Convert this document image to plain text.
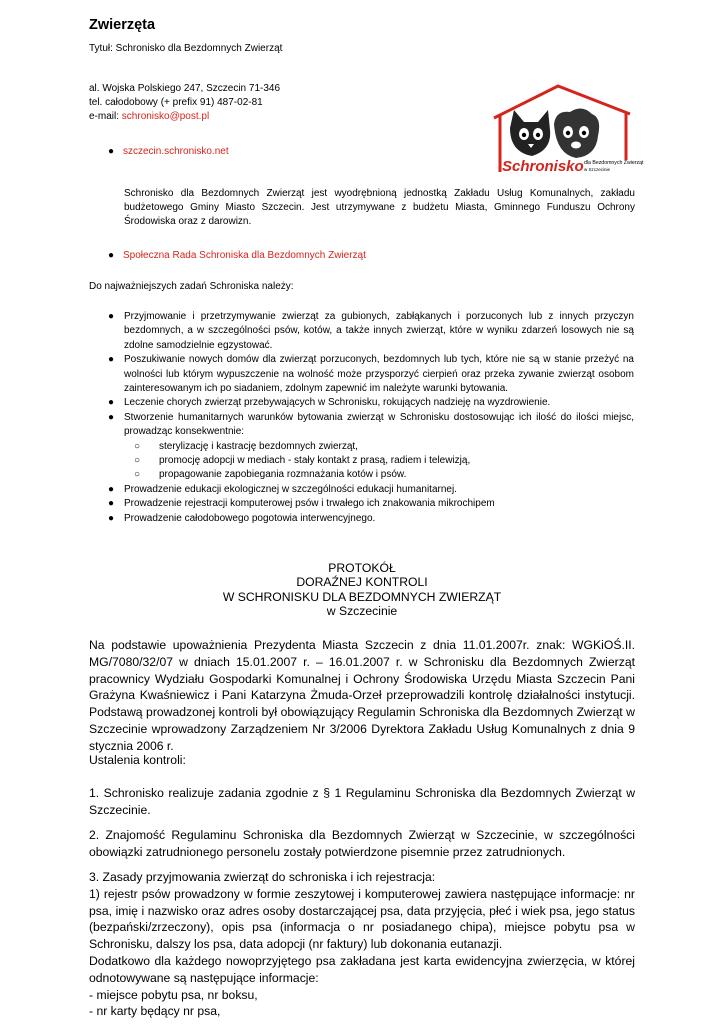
Zwierzęta
Tytuł: Schronisko dla Bezdomnych Zwierząt
al. Wojska Polskiego 247, Szczecin 71-346
tel. całodobowy (+ prefix 91) 487-02-81
e-mail: schronisko@post.pl
Schronisko dla Bezdomnych Zwierząt
w Szczecinie
● szczecin.schronisko.net
Schronisko dla Bezdomnych Zwierząt jest wyodrębnioną jednostką Zakładu Usług Komunalnych, zakładu budżetowego Gminy Miasto Szczecin. Jest utrzymywane z budżetu Miasta, Gminnego Funduszu Ochrony Środowiska oraz z darowizn.
● Społeczna Rada Schroniska dla Bezdomnych Zwierząt
Do najważniejszych zadań Schroniska należy:
● Przyjmowanie i przetrzymywanie zwierząt za gubionych, zabłąkanych i porzuconych lub z innych przyczyn bezdomnych, a w szczególności psów, kotów, a także innych zwierząt, które w wyniku zdarzeń losowych nie są zdolne samodzielnie egzystować.
● Poszukiwanie nowych domów dla zwierząt porzuconych, bezdomnych lub tych, które nie są w stanie przeżyć na wolności lub którym wypuszczenie na wolność może przysporzyć cierpień oraz przeka zywanie zwierząt osobom zainteresowanym ich po siadaniem, zdolnym zapewnić im należyte warunki bytowania.
● Leczenie chorych zwierząt przebywających w Schronisku, rokujących nadzieję na wyzdrowienie.
● Stworzenie humanitarnych warunków bytowania zwierząt w Schronisku dostosowując ich ilość do ilości miejsc, prowadząc konsekwentnie:
○ sterylizację i kastrację bezdomnych zwierząt,
○ promocję adopcji w mediach - stały kontakt z prasą, radiem i telewizją,
○ propagowanie zapobiegania rozmnażania kotów i psów.
● Prowadzenie edukacji ekologicznej w szczególności edukacji humanitarnej.
● Prowadzenie rejestracji komputerowej psów i trwałego ich znakowania mikrochipem
● Prowadzenie całodobowego pogotowia interwencyjnego.
PROTOKÓŁ
DORAŹNEJ KONTROLI
W SCHRONISKU DLA BEZDOMNYCH ZWIERZĄT
w Szczecinie
Na podstawie upoważnienia Prezydenta Miasta Szczecin z dnia 11.01.2007r. znak: WGKiOŚ.II. MG/7080/32/07 w dniach 15.01.2007 r. – 16.01.2007 r. w Schronisku dla Bezdomnych Zwierząt pracownicy Wydziału Gospodarki Komunalnej i Ochrony Środowiska Urzędu Miasta Szczecin Pani Grażyna Kwaśniewicz i Pani Katarzyna Żmuda-Orzeł przeprowadzili kontrolę działalności instytucji. Podstawą prowadzonej kontroli był obowiązujący Regulamin Schroniska dla Bezdomnych Zwierząt w Szczecinie wprowadzony Zarządzeniem Nr 3/2006 Dyrektora Zakładu Usług Komunalnych z dnia 9 stycznia 2006 r.
Ustalenia kontroli:
1. Schronisko realizuje zadania zgodnie z § 1 Regulaminu Schroniska dla Bezdomnych Zwierząt w Szczecinie.
2. Znajomość Regulaminu Schroniska dla Bezdomnych Zwierząt w Szczecinie, w szczególności obowiązki zatrudnionego personelu zostały potwierdzone pisemnie przez zatrudnionych.
3. Zasady przyjmowania zwierząt do schroniska i ich rejestracja:
1) rejestr psów prowadzony w formie zeszytowej i komputerowej zawiera następujące informacje: nr psa, imię i nazwisko oraz adres osoby dostarczającej psa, data przyjęcia, płeć i wiek psa, jego status (bezpański/zrzeczony), opis psa (informacja o nr posiadanego chipa), miejsce pobytu psa w Schronisku, dalszy los psa, data adopcji (nr faktury) lub dokonania eutanazji.
Dodatkowo dla każdego nowoprzyjętego psa zakładana jest karta ewidencyjna zwierzęcia, w której odnotowywane są następujące informacje:
- miejsce pobytu psa, nr boksu,
- nr karty będący nr psa,
